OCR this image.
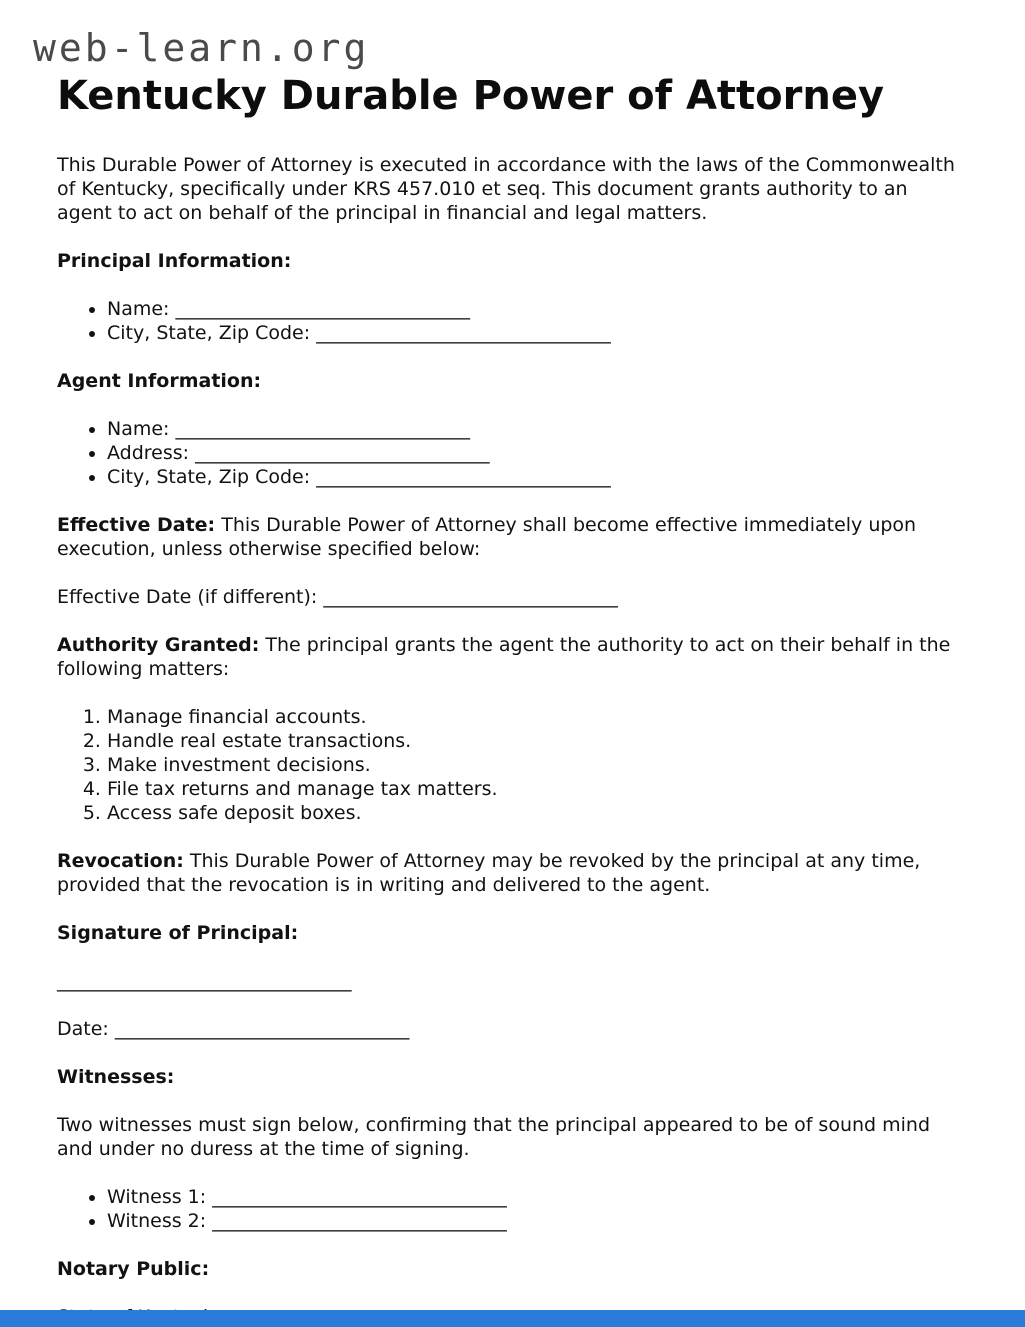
web-learn.org
Kentucky Durable Power of Attorney

This Durable Power of Attorney is executed in accordance with the laws of the Commonwealth of Kentucky, specifically under KRS 457.010 et seq. This document grants authority to an agent to act on behalf of the principal in financial and legal matters.

Principal Information:

• Name: _______________________________
• City, State, Zip Code: _______________________________

Agent Information:

• Name: _______________________________
• Address: _______________________________
• City, State, Zip Code: _______________________________

Effective Date: This Durable Power of Attorney shall become effective immediately upon execution, unless otherwise specified below:

Effective Date (if different): _______________________________

Authority Granted: The principal grants the agent the authority to act on their behalf in the following matters:

1. Manage financial accounts.
2. Handle real estate transactions.
3. Make investment decisions.
4. File tax returns and manage tax matters.
5. Access safe deposit boxes.

Revocation: This Durable Power of Attorney may be revoked by the principal at any time, provided that the revocation is in writing and delivered to the agent.

Signature of Principal:

_______________________________

Date: _______________________________

Witnesses:

Two witnesses must sign below, confirming that the principal appeared to be of sound mind and under no duress at the time of signing.

• Witness 1: _______________________________
• Witness 2: _______________________________

Notary Public:
